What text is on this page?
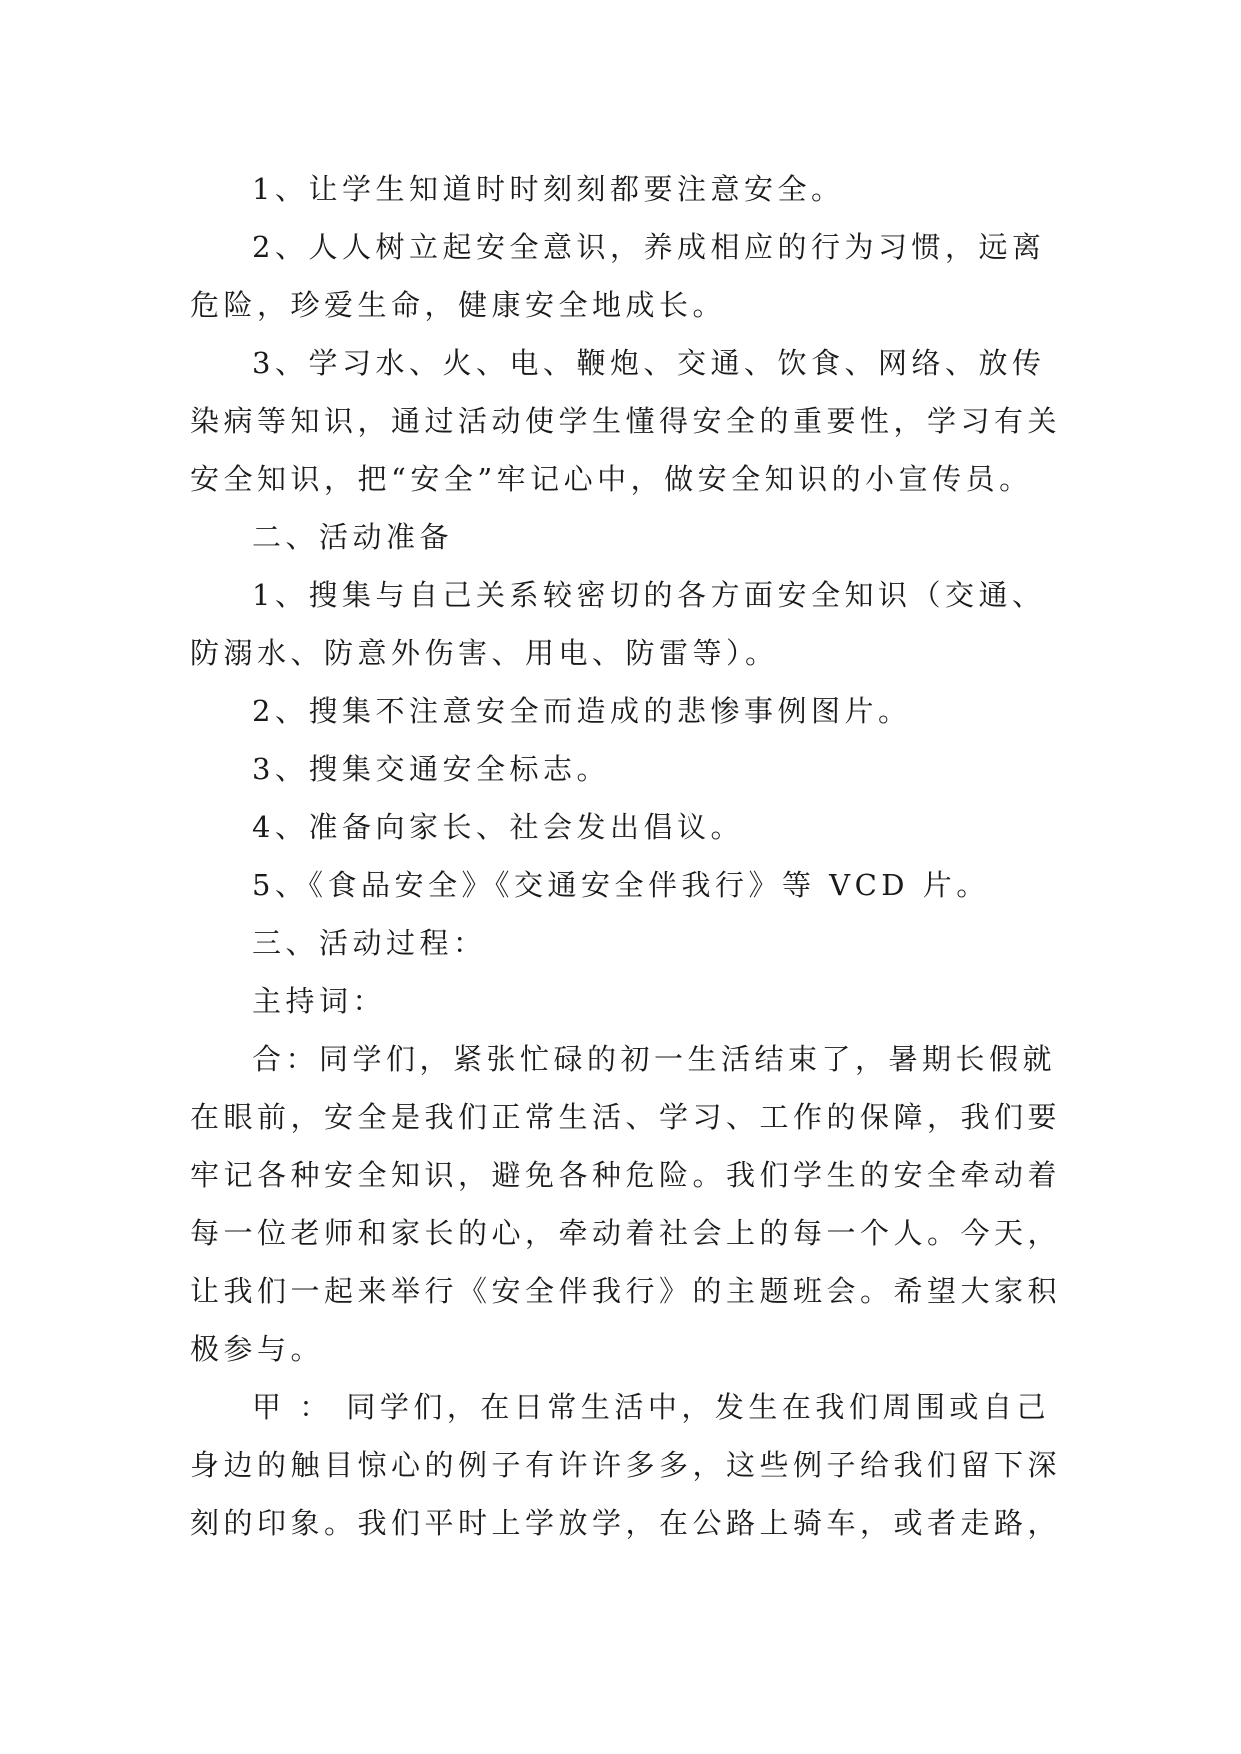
1、让学生知道时时刻刻都要注意安全。

2、人人树立起安全意识，养成相应的行为习惯，远离危险，珍爱生命，健康安全地成长。

3、学习水、火、电、鞭炮、交通、饮食、网络、放传染病等知识，通过活动使学生懂得安全的重要性，学习有关安全知识，把“安全”牢记心中，做安全知识的小宣传员。

二、活动准备

1、搜集与自己关系较密切的各方面安全知识（交通、防溺水、防意外伤害、用电、防雷等）。

2、搜集不注意安全而造成的悲惨事例图片。

3、搜集交通安全标志。

4、准备向家长、社会发出倡议。

5、《食品安全》《交通安全伴我行》等 VCD 片。

三、活动过程：

主持词：

合：同学们，紧张忙碌的初一生活结束了，暑期长假就在眼前，安全是我们正常生活、学习、工作的保障，我们要牢记各种安全知识，避免各种危险。我们学生的安全牵动着每一位老师和家长的心，牵动着社会上的每一个人。今天，让我们一起来举行《安全伴我行》的主题班会。希望大家积极参与。

甲 ： 同学们，在日常生活中，发生在我们周围或自己身边的触目惊心的例子有许许多多，这些例子给我们留下深刻的印象。我们平时上学放学，在公路上骑车，或者走路，
